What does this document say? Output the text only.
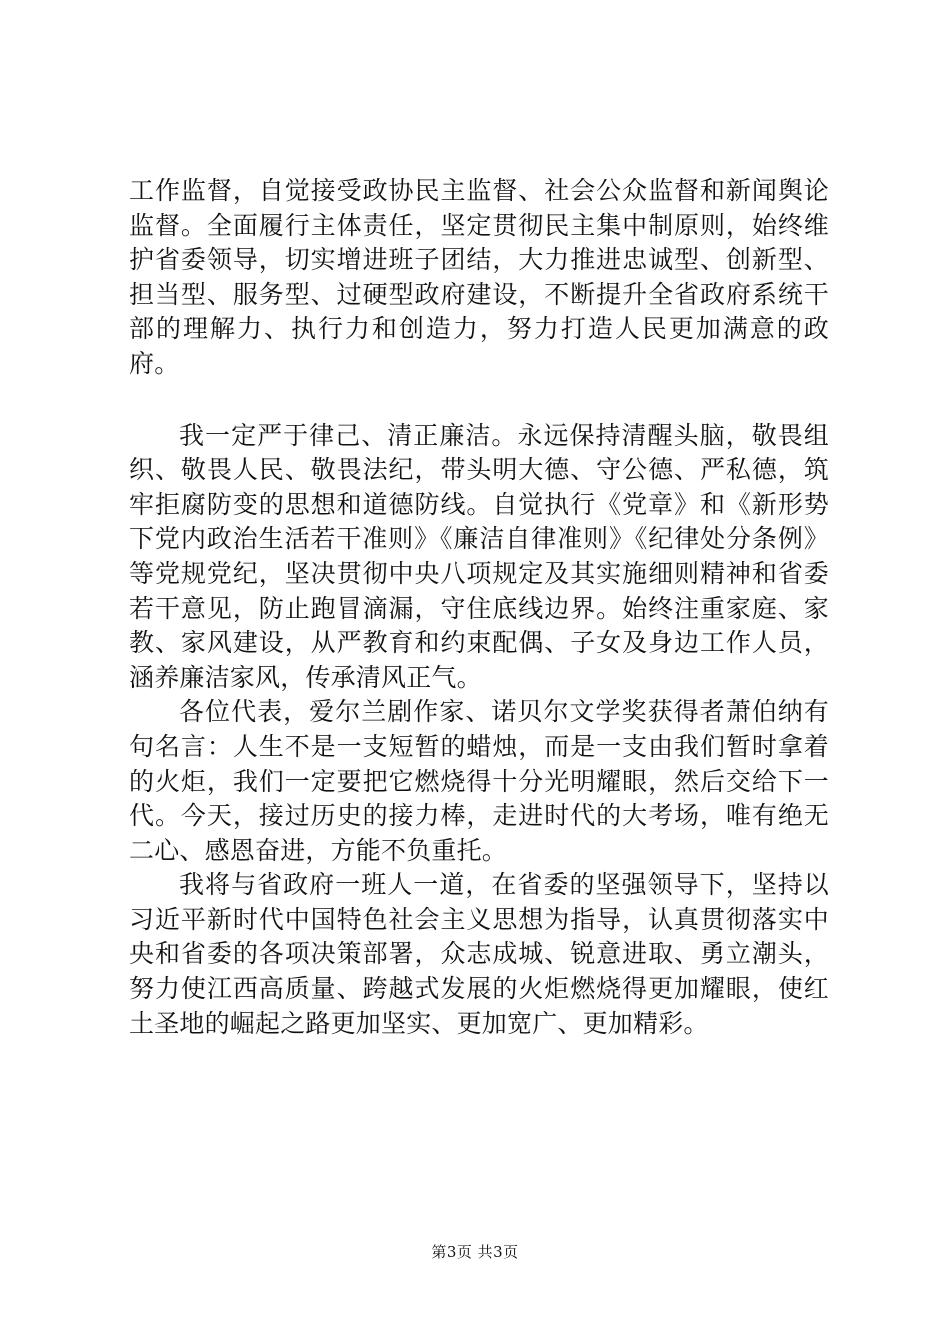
工作监督，自觉接受政协民主监督、社会公众监督和新闻舆论监督。全面履行主体责任，坚定贯彻民主集中制原则，始终维护省委领导，切实增进班子团结，大力推进忠诚型、创新型、担当型、服务型、过硬型政府建设，不断提升全省政府系统干部的理解力、执行力和创造力，努力打造人民更加满意的政府。

我一定严于律己、清正廉洁。永远保持清醒头脑，敬畏组织、敬畏人民、敬畏法纪，带头明大德、守公德、严私德，筑牢拒腐防变的思想和道德防线。自觉执行《党章》和《新形势下党内政治生活若干准则》《廉洁自律准则》《纪律处分条例》等党规党纪，坚决贯彻中央八项规定及其实施细则精神和省委若干意见，防止跑冒滴漏，守住底线边界。始终注重家庭、家教、家风建设，从严教育和约束配偶、子女及身边工作人员，涵养廉洁家风，传承清风正气。

各位代表，爱尔兰剧作家、诺贝尔文学奖获得者萧伯纳有句名言：人生不是一支短暂的蜡烛，而是一支由我们暂时拿着的火炬，我们一定要把它燃烧得十分光明耀眼，然后交给下一代。今天，接过历史的接力棒，走进时代的大考场，唯有绝无二心、感恩奋进，方能不负重托。

我将与省政府一班人一道，在省委的坚强领导下，坚持以习近平新时代中国特色社会主义思想为指导，认真贯彻落实中央和省委的各项决策部署，众志成城、锐意进取、勇立潮头，努力使江西高质量、跨越式发展的火炬燃烧得更加耀眼，使红土圣地的崛起之路更加坚实、更加宽广、更加精彩。

第3页 共3页
